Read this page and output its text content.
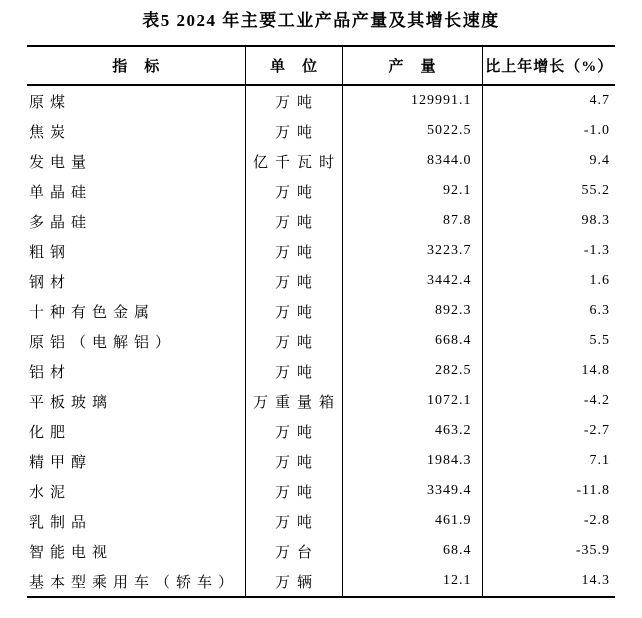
表5 2024 年主要工业产品产量及其增长速度
指　标	单　位	产　量	比上年增长（%）
原煤	万吨	129991.1	4.7
焦炭	万吨	5022.5	-1.0
发电量	亿千瓦时	8344.0	9.4
单晶硅	万吨	92.1	55.2
多晶硅	万吨	87.8	98.3
粗钢	万吨	3223.7	-1.3
钢材	万吨	3442.4	1.6
十种有色金属	万吨	892.3	6.3
原铝（电解铝）	万吨	668.4	5.5
铝材	万吨	282.5	14.8
平板玻璃	万重量箱	1072.1	-4.2
化肥	万吨	463.2	-2.7
精甲醇	万吨	1984.3	7.1
水泥	万吨	3349.4	-11.8
乳制品	万吨	461.9	-2.8
智能电视	万台	68.4	-35.9
基本型乘用车（轿车）	万辆	12.1	14.3
